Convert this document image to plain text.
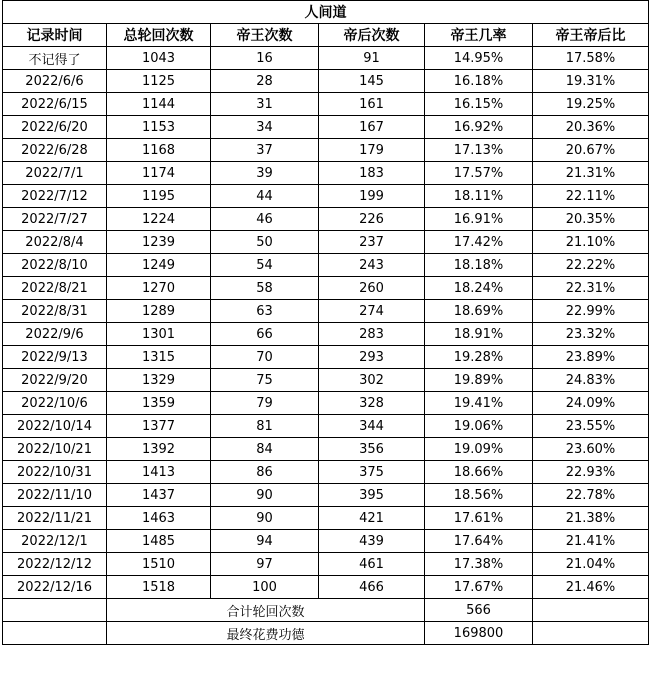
人间道					
记录时间	总轮回次数	帝王次数	帝后次数	帝王几率	帝王帝后比
不记得了	1043	16	91	14.95%	17.58%
2022/6/6	1125	28	145	16.18%	19.31%
2022/6/15	1144	31	161	16.15%	19.25%
2022/6/20	1153	34	167	16.92%	20.36%
2022/6/28	1168	37	179	17.13%	20.67%
2022/7/1	1174	39	183	17.57%	21.31%
2022/7/12	1195	44	199	18.11%	22.11%
2022/7/27	1224	46	226	16.91%	20.35%
2022/8/4	1239	50	237	17.42%	21.10%
2022/8/10	1249	54	243	18.18%	22.22%
2022/8/21	1270	58	260	18.24%	22.31%
2022/8/31	1289	63	274	18.69%	22.99%
2022/9/6	1301	66	283	18.91%	23.32%
2022/9/13	1315	70	293	19.28%	23.89%
2022/9/20	1329	75	302	19.89%	24.83%
2022/10/6	1359	79	328	19.41%	24.09%
2022/10/14	1377	81	344	19.06%	23.55%
2022/10/21	1392	84	356	19.09%	23.60%
2022/10/31	1413	86	375	18.66%	22.93%
2022/11/10	1437	90	395	18.56%	22.78%
2022/11/21	1463	90	421	17.61%	21.38%
2022/12/1	1485	94	439	17.64%	21.41%
2022/12/12	1510	97	461	17.38%	21.04%
2022/12/16	1518	100	466	17.67%	21.46%
	合计轮回次数			566	
	最终花费功德			169800	
